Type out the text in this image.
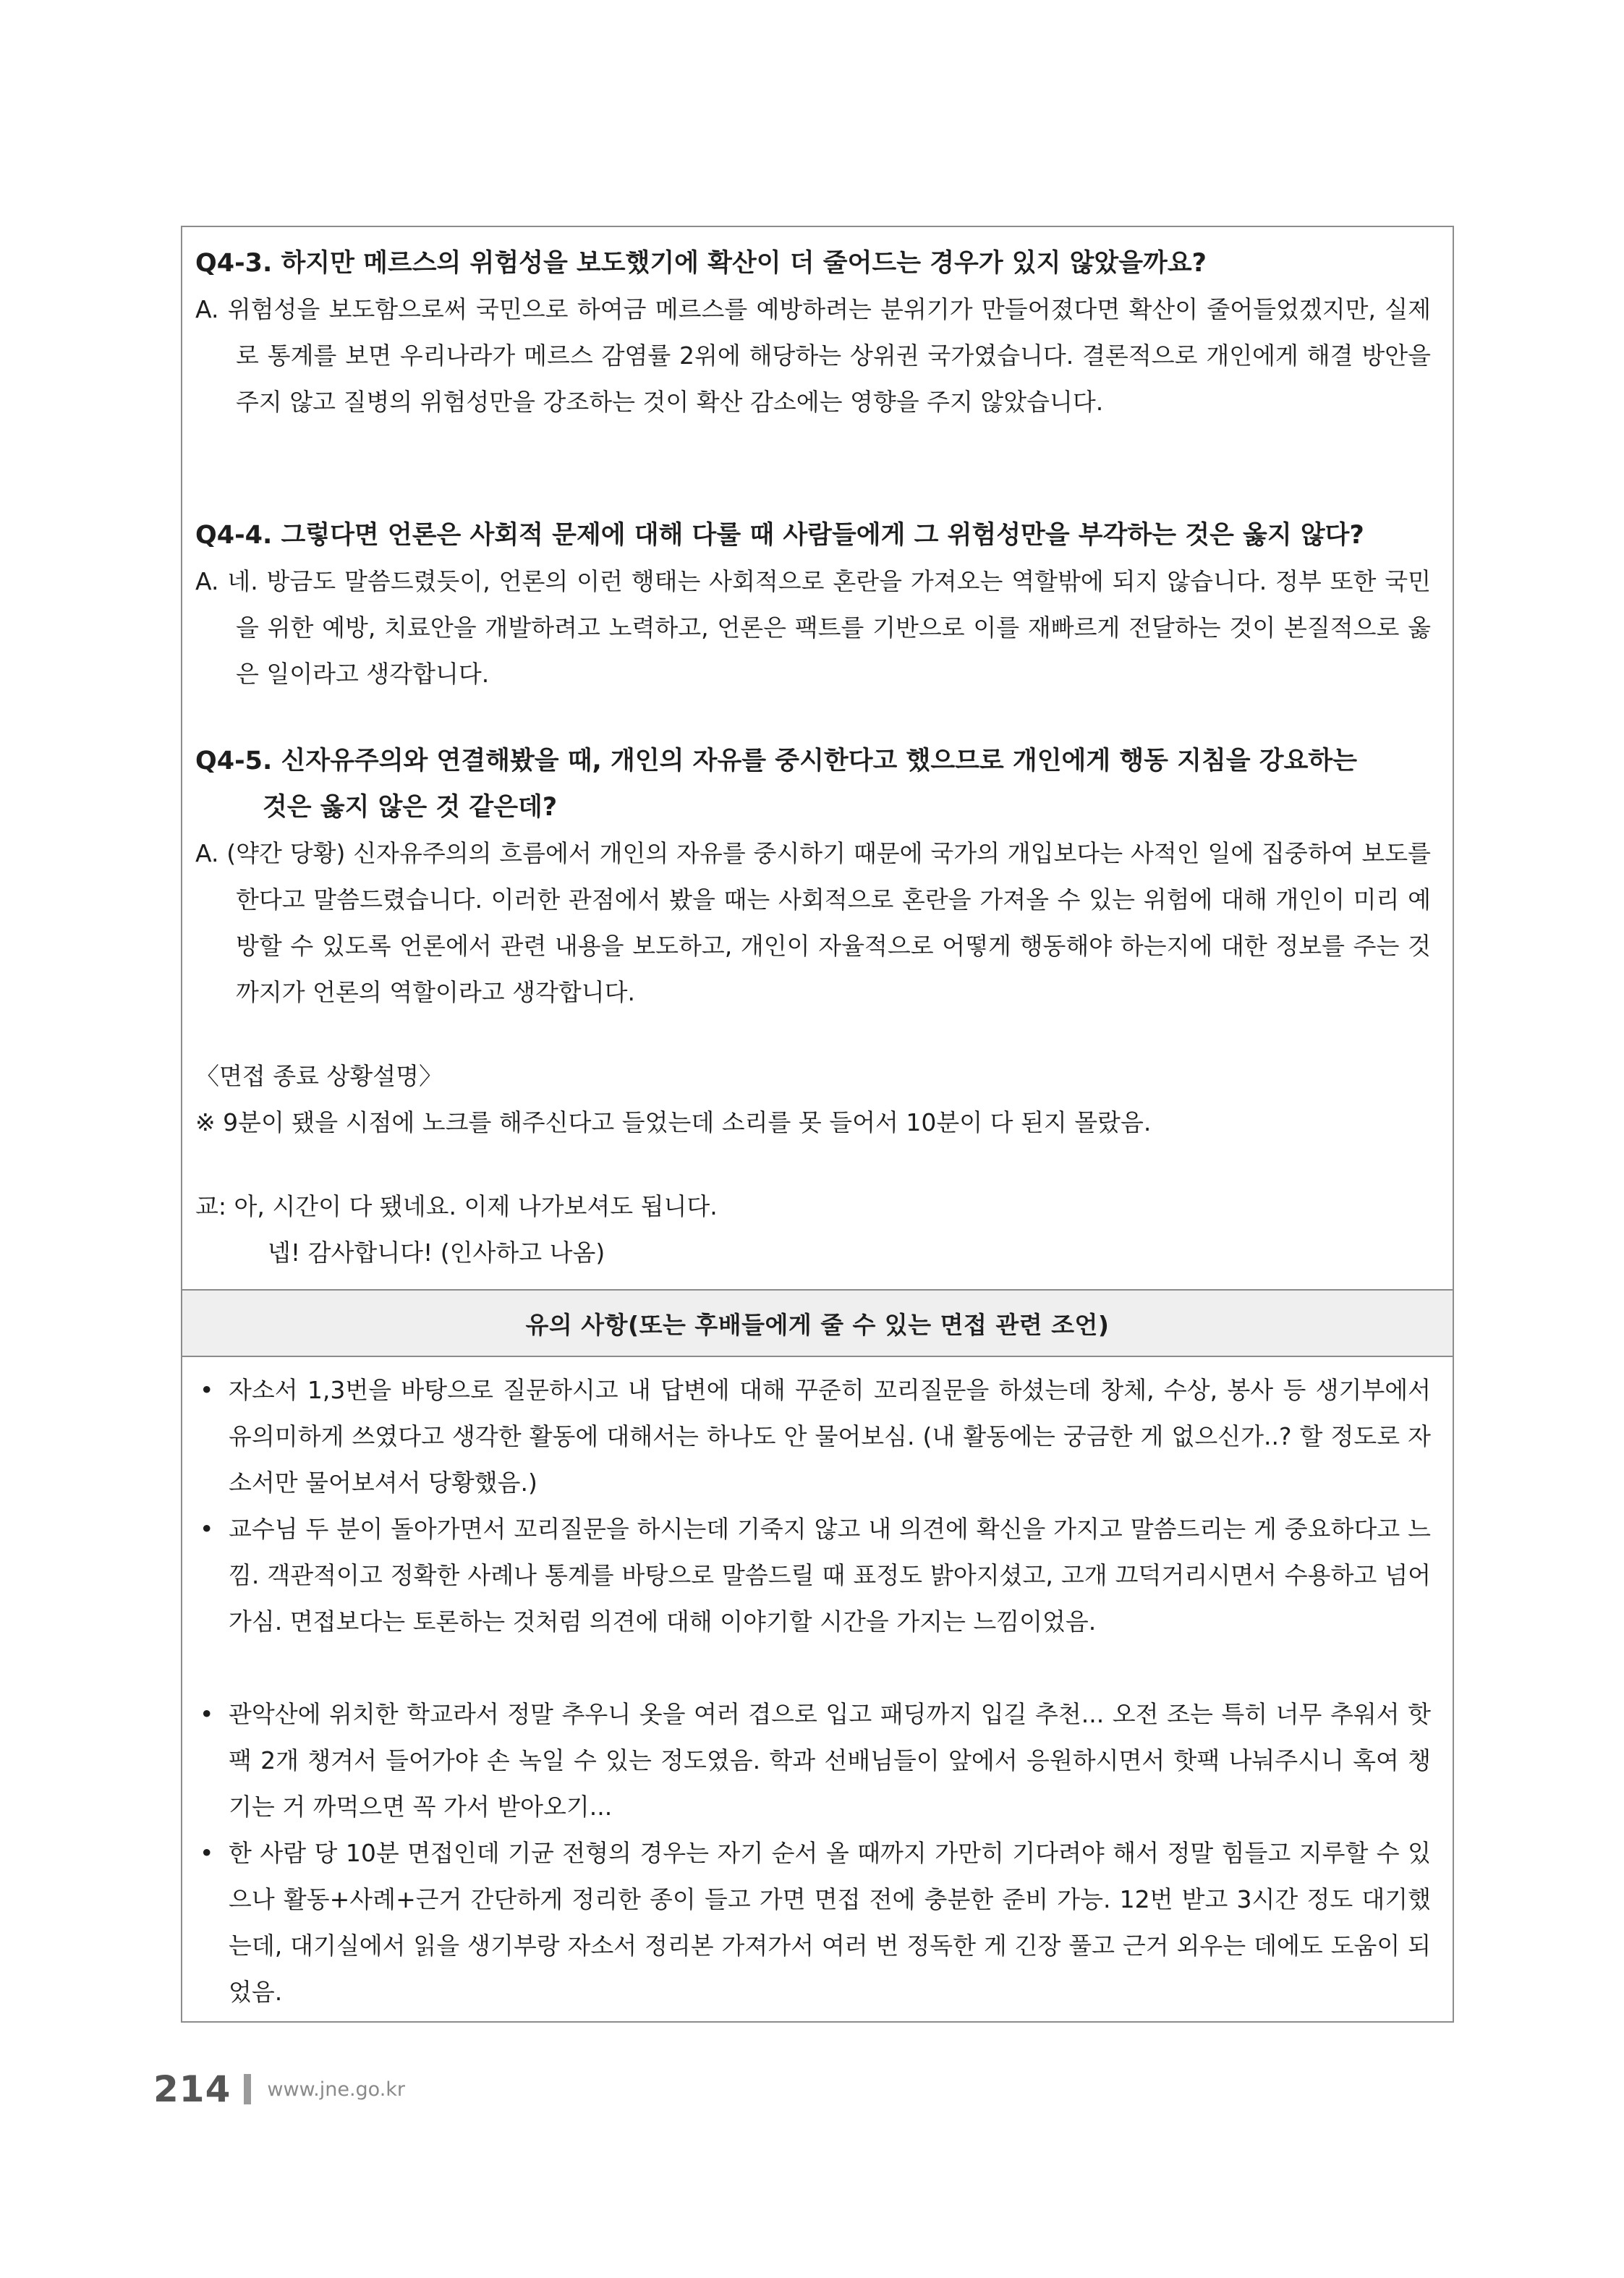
Q4-3. 하지만 메르스의 위험성을 보도했기에 확산이 더 줄어드는 경우가 있지 않았을까요?
A. 위험성을 보도함으로써 국민으로 하여금 메르스를 예방하려는 분위기가 만들어졌다면 확산이 줄어들었겠지만, 실제로 통계를 보면 우리나라가 메르스 감염률 2위에 해당하는 상위권 국가였습니다. 결론적으로 개인에게 해결 방안을 주지 않고 질병의 위험성만을 강조하는 것이 확산 감소에는 영향을 주지 않았습니다.
Q4-4. 그렇다면 언론은 사회적 문제에 대해 다룰 때 사람들에게 그 위험성만을 부각하는 것은 옳지 않다?
A. 네. 방금도 말씀드렸듯이, 언론의 이런 행태는 사회적으로 혼란을 가져오는 역할밖에 되지 않습니다. 정부 또한 국민을 위한 예방, 치료안을 개발하려고 노력하고, 언론은 팩트를 기반으로 이를 재빠르게 전달하는 것이 본질적으로 옳은 일이라고 생각합니다.
Q4-5. 신자유주의와 연결해봤을 때, 개인의 자유를 중시한다고 했으므로 개인에게 행동 지침을 강요하는
것은 옳지 않은 것 같은데?
A. (약간 당황) 신자유주의의 흐름에서 개인의 자유를 중시하기 때문에 국가의 개입보다는 사적인 일에 집중하여 보도를 한다고 말씀드렸습니다. 이러한 관점에서 봤을 때는 사회적으로 혼란을 가져올 수 있는 위험에 대해 개인이 미리 예방할 수 있도록 언론에서 관련 내용을 보도하고, 개인이 자율적으로 어떻게 행동해야 하는지에 대한 정보를 주는 것까지가 언론의 역할이라고 생각합니다.
〈면접 종료 상황설명〉
※ 9분이 됐을 시점에 노크를 해주신다고 들었는데 소리를 못 들어서 10분이 다 된지 몰랐음.
교: 아, 시간이 다 됐네요. 이제 나가보셔도 됩니다.
넵! 감사합니다! (인사하고 나옴)
유의 사항(또는 후배들에게 줄 수 있는 면접 관련 조언)
• 자소서 1,3번을 바탕으로 질문하시고 내 답변에 대해 꾸준히 꼬리질문을 하셨는데 창체, 수상, 봉사 등 생기부에서 유의미하게 쓰였다고 생각한 활동에 대해서는 하나도 안 물어보심. (내 활동에는 궁금한 게 없으신가..? 할 정도로 자소서만 물어보셔서 당황했음.)
• 교수님 두 분이 돌아가면서 꼬리질문을 하시는데 기죽지 않고 내 의견에 확신을 가지고 말씀드리는 게 중요하다고 느낌. 객관적이고 정확한 사례나 통계를 바탕으로 말씀드릴 때 표정도 밝아지셨고, 고개 끄덕거리시면서 수용하고 넘어가심. 면접보다는 토론하는 것처럼 의견에 대해 이야기할 시간을 가지는 느낌이었음.
• 관악산에 위치한 학교라서 정말 추우니 옷을 여러 겹으로 입고 패딩까지 입길 추천... 오전 조는 특히 너무 추워서 핫팩 2개 챙겨서 들어가야 손 녹일 수 있는 정도였음. 학과 선배님들이 앞에서 응원하시면서 핫팩 나눠주시니 혹여 챙기는 거 까먹으면 꼭 가서 받아오기...
• 한 사람 당 10분 면접인데 기균 전형의 경우는 자기 순서 올 때까지 가만히 기다려야 해서 정말 힘들고 지루할 수 있으나 활동+사례+근거 간단하게 정리한 종이 들고 가면 면접 전에 충분한 준비 가능. 12번 받고 3시간 정도 대기했는데, 대기실에서 읽을 생기부랑 자소서 정리본 가져가서 여러 번 정독한 게 긴장 풀고 근거 외우는 데에도 도움이 되었음.
214 www.jne.go.kr
